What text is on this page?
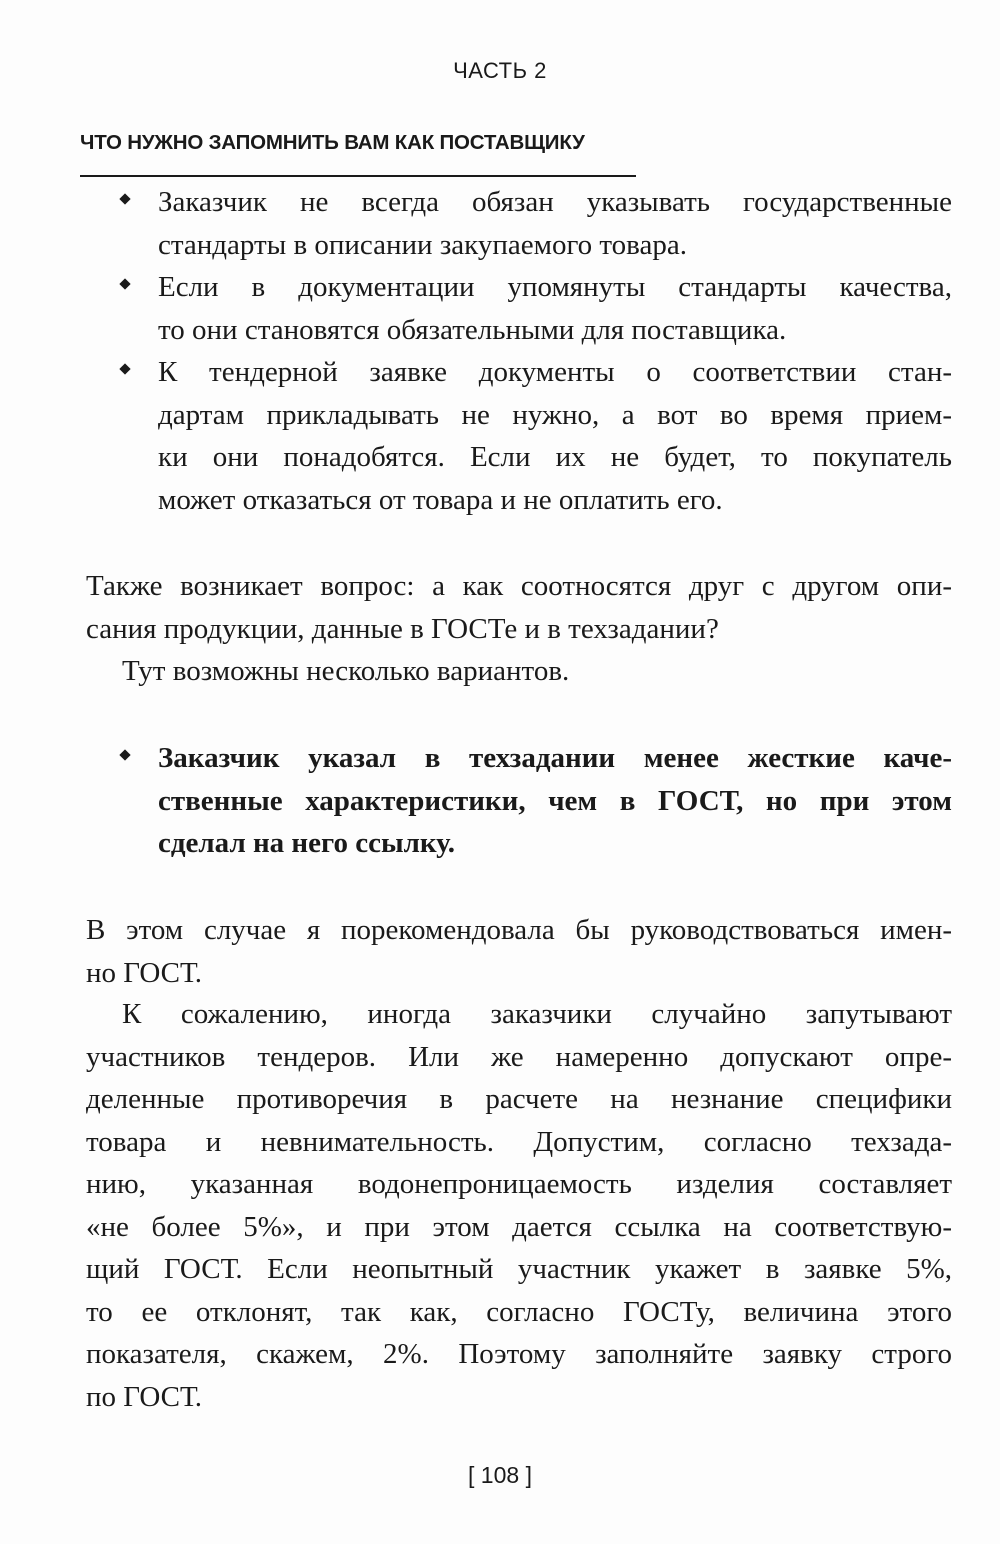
ЧАСТЬ 2
ЧТО НУЖНО ЗАПОМНИТЬ ВАМ КАК ПОСТАВЩИКУ
Заказчик не всегда обязан указывать государственные
стандарты в описании закупаемого товара.
Если в документации упомянуты стандарты качества,
то они становятся обязательными для поставщика.
К тендерной заявке документы о соответствии стан-
дартам прикладывать не нужно, а вот во время прием-
ки они понадобятся. Если их не будет, то покупатель
может отказаться от товара и не оплатить его.
Также возникает вопрос: а как соотносятся друг с другом опи-
сания продукции, данные в ГОСТе и в техзадании?
Тут возможны несколько вариантов.
Заказчик указал в техзадании менее жесткие каче-
ственные характеристики, чем в ГОСТ, но при этом
сделал на него ссылку.
В этом случае я порекомендовала бы руководствоваться имен-
но ГОСТ.
К сожалению, иногда заказчики случайно запутывают
участников тендеров. Или же намеренно допускают опре-
деленные противоречия в расчете на незнание специфики
товара и невнимательность. Допустим, согласно техзада-
нию, указанная водонепроницаемость изделия составляет
«не более 5%», и при этом дается ссылка на соответствую-
щий ГОСТ. Если неопытный участник укажет в заявке 5%,
то ее отклонят, так как, согласно ГОСТу, величина этого
показателя, скажем, 2%. Поэтому заполняйте заявку строго
по ГОСТ.
[ 108 ]
